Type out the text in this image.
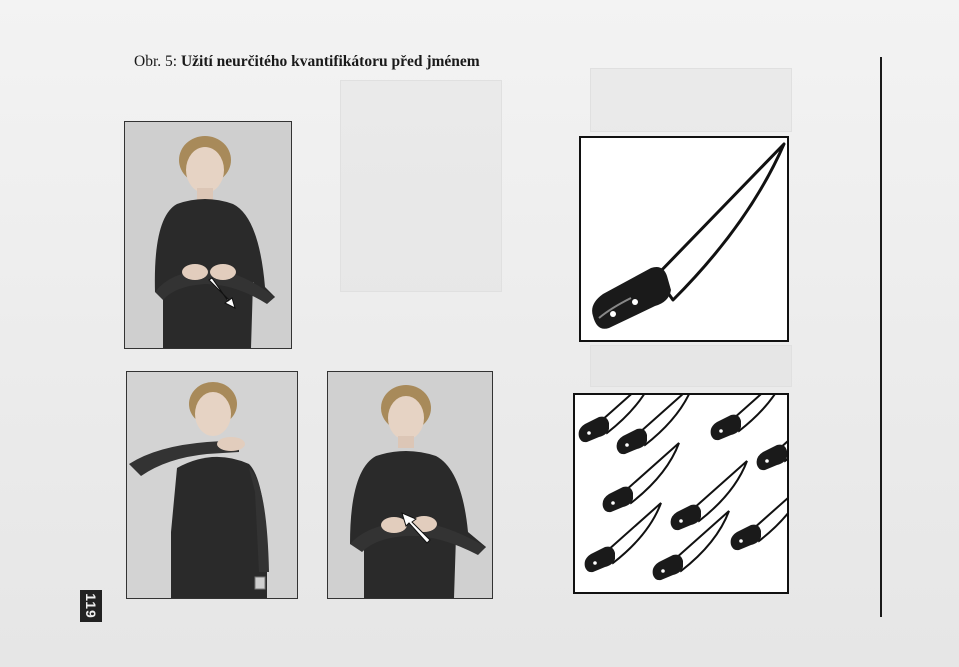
Obr. 5: Užití neurčitého kvantifikátoru před jménem
119
